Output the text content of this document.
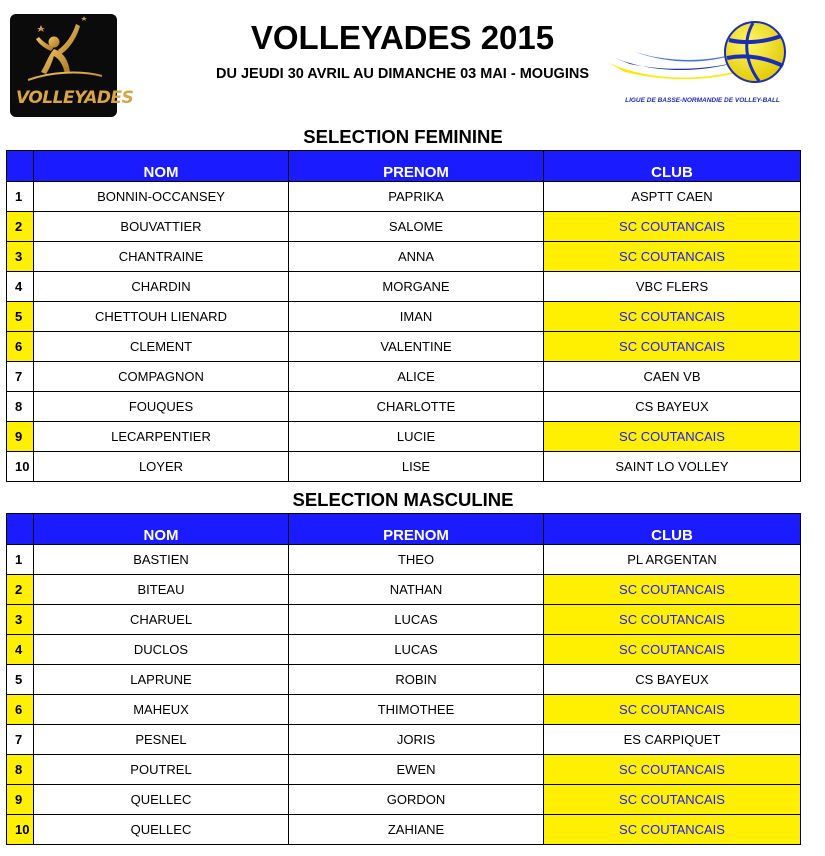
VOLLEYADES
VOLLEYADES 2015
DU JEUDI 30 AVRIL AU DIMANCHE 03 MAI - MOUGINS
LIGUE DE BASSE-NORMANDIE DE VOLLEY-BALL
SELECTION FEMININE
	NOM	PRENOM	CLUB
1	BONNIN-OCCANSEY	PAPRIKA	ASPTT CAEN
2	BOUVATTIER	SALOME	SC COUTANCAIS
3	CHANTRAINE	ANNA	SC COUTANCAIS
4	CHARDIN	MORGANE	VBC FLERS
5	CHETTOUH LIENARD	IMAN	SC COUTANCAIS
6	CLEMENT	VALENTINE	SC COUTANCAIS
7	COMPAGNON	ALICE	CAEN VB
8	FOUQUES	CHARLOTTE	CS BAYEUX
9	LECARPENTIER	LUCIE	SC COUTANCAIS
10	LOYER	LISE	SAINT LO VOLLEY
SELECTION MASCULINE
	NOM	PRENOM	CLUB
1	BASTIEN	THEO	PL ARGENTAN
2	BITEAU	NATHAN	SC COUTANCAIS
3	CHARUEL	LUCAS	SC COUTANCAIS
4	DUCLOS	LUCAS	SC COUTANCAIS
5	LAPRUNE	ROBIN	CS BAYEUX
6	MAHEUX	THIMOTHEE	SC COUTANCAIS
7	PESNEL	JORIS	ES CARPIQUET
8	POUTREL	EWEN	SC COUTANCAIS
9	QUELLEC	GORDON	SC COUTANCAIS
10	QUELLEC	ZAHIANE	SC COUTANCAIS
